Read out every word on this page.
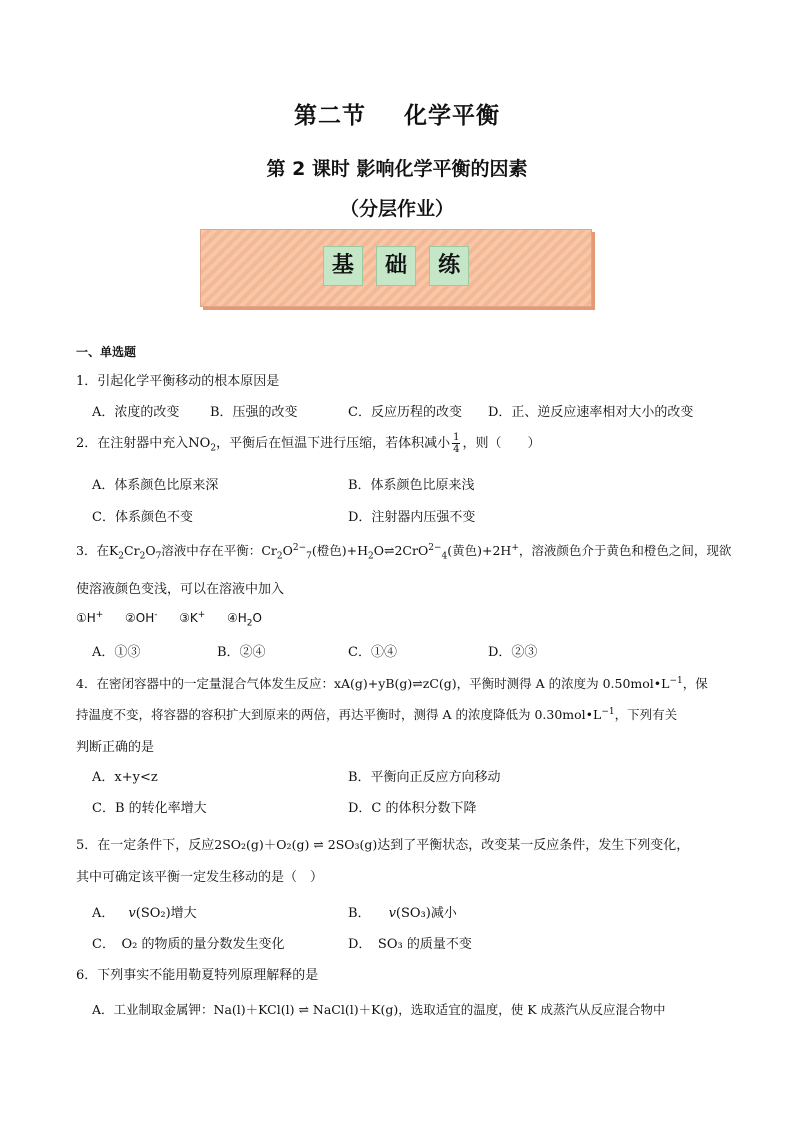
第二节 化学平衡
第 2 课时 影响化学平衡的因素
（分层作业）
基 础 练
一、单选题
1．引起化学平衡移动的根本原因是
A．浓度的改变 B．压强的改变	C．反应历程的改变 D．正、逆反应速率相对大小的改变
2．在注射器中充入$NO_2$，平衡后在恒温下进行压缩，若体积减小 $\frac{1}{4}$ ，则（　　）
A．体系颜色比原来深	B．体系颜色比原来浅
C．体系颜色不变	D．注射器内压强不变
3．在$K_2Cr_2O_7$溶液中存在平衡：$Cr_2O^{2-}_7$(橙色)$+H_2O\rightleftharpoons 2CrO^{2-}_4$(黄色)+2H+，溶液颜色介于黄色和橙色之间，现欲
使溶液颜色变浅，可以在溶液中加入
①H+ ②OH- ③K+ $④H_2O$
A．①③	B．②④	C．①④	D．②③
4．在密闭容器中的一定量混合气体发生反应：xA(g)+yB(g)⇌zC(g)，平衡时测得 A 的浓度为 $0.50mol•L^{-1}$，保
持温度不变，将容器的容积扩大到原来的两倍，再达平衡时，测得 A 的浓度降低为 $0.30mol•L^{-1}$，下列有关
判断正确的是
A．x+y<z	B．平衡向正反应方向移动
C．B 的转化率增大	D．C 的体积分数下降
5．在一定条件下，反应2SO₂(g)＋O₂(g) ⇌ 2SO₃(g)达到了平衡状态，改变某一反应条件，发生下列变化，
其中可确定该平衡一定发生移动的是（　）
A． v(SO₂)增大	B． v(SO₃)减小
C．　O₂ 的物质的量分数发生变化	D．　SO₃ 的质量不变
6．下列事实不能用勒夏特列原理解释的是
A．工业制取金属钾：Na(l)＋KCl(l) ⇌ NaCl(l)＋K(g)，选取适宜的温度，使 K 成蒸汽从反应混合物中
